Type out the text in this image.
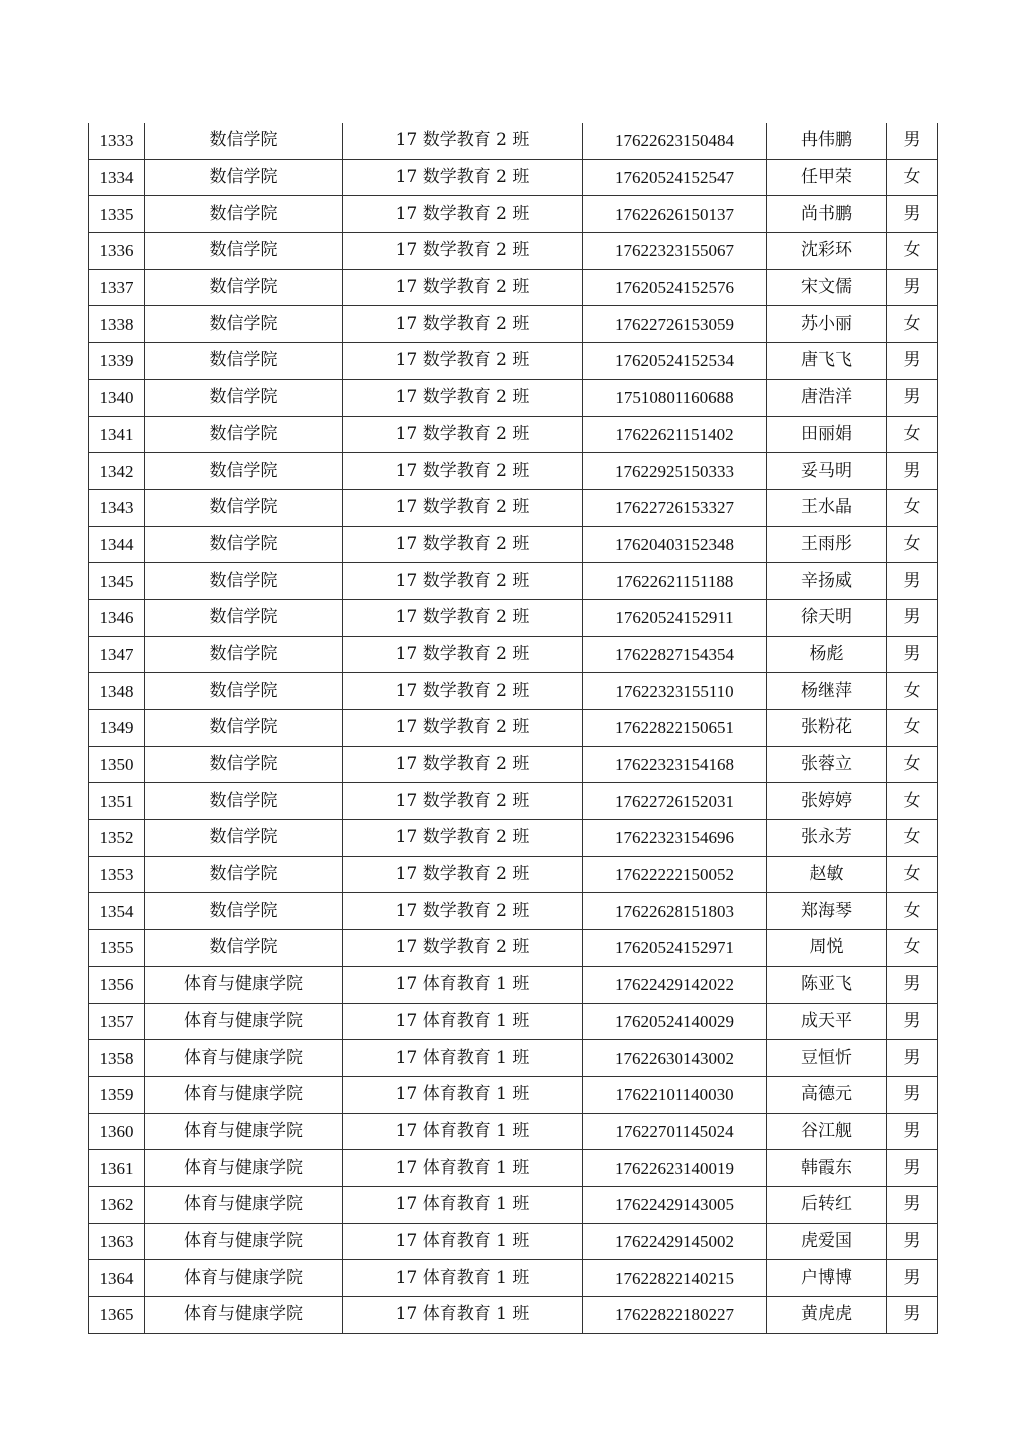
1333	数信学院	17 数学教育 2 班	17622623150484	冉伟鹏	男
1334	数信学院	17 数学教育 2 班	17620524152547	任甲荣	女
1335	数信学院	17 数学教育 2 班	17622626150137	尚书鹏	男
1336	数信学院	17 数学教育 2 班	17622323155067	沈彩环	女
1337	数信学院	17 数学教育 2 班	17620524152576	宋文儒	男
1338	数信学院	17 数学教育 2 班	17622726153059	苏小丽	女
1339	数信学院	17 数学教育 2 班	17620524152534	唐飞飞	男
1340	数信学院	17 数学教育 2 班	17510801160688	唐浩洋	男
1341	数信学院	17 数学教育 2 班	17622621151402	田丽娟	女
1342	数信学院	17 数学教育 2 班	17622925150333	妥马明	男
1343	数信学院	17 数学教育 2 班	17622726153327	王水晶	女
1344	数信学院	17 数学教育 2 班	17620403152348	王雨彤	女
1345	数信学院	17 数学教育 2 班	17622621151188	辛扬威	男
1346	数信学院	17 数学教育 2 班	17620524152911	徐天明	男
1347	数信学院	17 数学教育 2 班	17622827154354	杨彪	男
1348	数信学院	17 数学教育 2 班	17622323155110	杨继萍	女
1349	数信学院	17 数学教育 2 班	17622822150651	张粉花	女
1350	数信学院	17 数学教育 2 班	17622323154168	张蓉立	女
1351	数信学院	17 数学教育 2 班	17622726152031	张婷婷	女
1352	数信学院	17 数学教育 2 班	17622323154696	张永芳	女
1353	数信学院	17 数学教育 2 班	17622222150052	赵敏	女
1354	数信学院	17 数学教育 2 班	17622628151803	郑海琴	女
1355	数信学院	17 数学教育 2 班	17620524152971	周悦	女
1356	体育与健康学院	17 体育教育 1 班	17622429142022	陈亚飞	男
1357	体育与健康学院	17 体育教育 1 班	17620524140029	成天平	男
1358	体育与健康学院	17 体育教育 1 班	17622630143002	豆恒忻	男
1359	体育与健康学院	17 体育教育 1 班	17622101140030	高德元	男
1360	体育与健康学院	17 体育教育 1 班	17622701145024	谷江舰	男
1361	体育与健康学院	17 体育教育 1 班	17622623140019	韩霞东	男
1362	体育与健康学院	17 体育教育 1 班	17622429143005	后转红	男
1363	体育与健康学院	17 体育教育 1 班	17622429145002	虎爱国	男
1364	体育与健康学院	17 体育教育 1 班	17622822140215	户博博	男
1365	体育与健康学院	17 体育教育 1 班	17622822180227	黄虎虎	男
